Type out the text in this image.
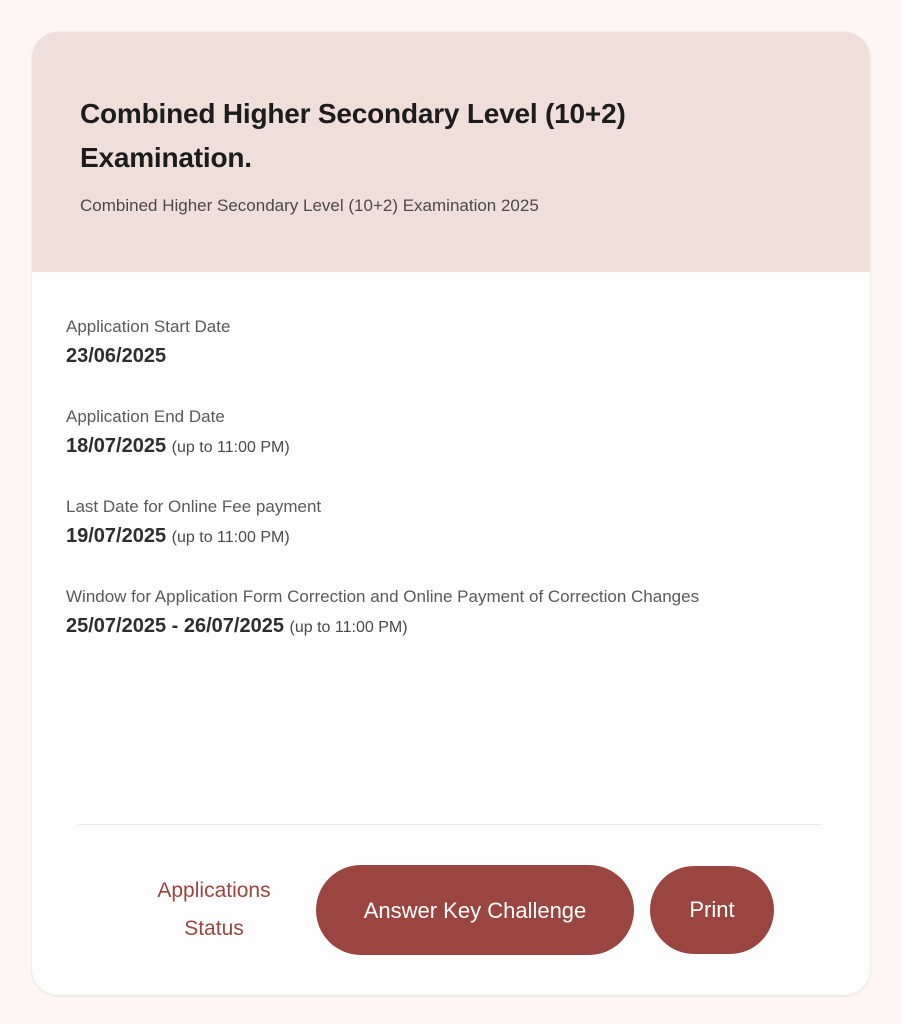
Combined Higher Secondary Level (10+2) Examination.

Combined Higher Secondary Level (10+2) Examination 2025

Application Start Date
23/06/2025
Application End Date
18/07/2025 (up to 11:00 PM)
Last Date for Online Fee payment
19/07/2025 (up to 11:00 PM)
Window for Application Form Correction and Online Payment of Correction Changes
25/07/2025 - 26/07/2025 (up to 11:00 PM)
Applications Status
Answer Key Challenge	Print
